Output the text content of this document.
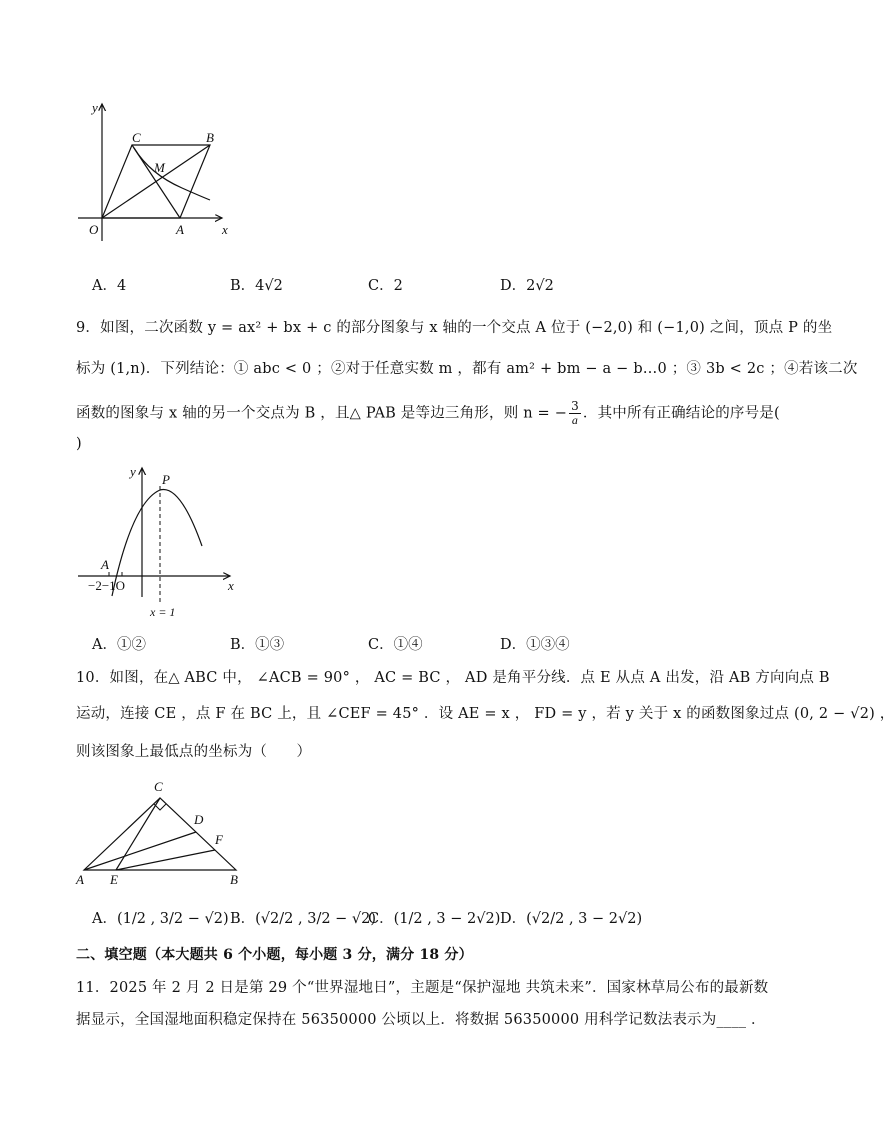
y
x
O	A
B
C
M
A．4	B．4√2	C．2	D．2√2
9．如图，二次函数 y = ax² + bx + c 的部分图象与 x 轴的一个交点 A 位于 (−2,0) 和 (−1,0) 之间，顶点 P 的坐
标为 (1,n)．下列结论：① abc < 0 ；②对于任意实数 m ，都有 am² + bm − a − b…0 ；③ 3b < 2c ；④若该二次
函数的图象与 x 轴的另一个交点为 B ，且△ PAB 是等边三角形，则 n = − $\frac{3}{a}$ ．其中所有正确结论的序号是(
)
y
x
P
A
−2−1O
x = 1
A．①②	B．①③	C．①④	D．①③④
10．如图，在△ ABC 中， ∠ACB = 90° ， AC = BC ， AD 是角平分线．点 E 从点 A 出发，沿 AB 方向向点 B
运动，连接 CE ，点 F 在 BC 上，且 ∠CEF = 45° ．设 AE = x ， FD = y ，若 y 关于 x 的函数图象过点 (0, 2 − √2) ，
则该图象上最低点的坐标为（　　）
A E	B
C
D
F
A．(1/2 , 3/2 − √2) B．(√2/2 , 3/2 − √2)
C．(1/2 , 3 − 2√2) D．(√2/2 , 3 − 2√2)
二、填空题（本大题共 6 个小题，每小题 3 分，满分 18 分）
11．2025 年 2 月 2 日是第 29 个“世界湿地日”，主题是“保护湿地 共筑未来”．国家林草局公布的最新数
据显示，全国湿地面积稳定保持在 56350000 公顷以上．将数据 56350000 用科学记数法表示为____ ．
